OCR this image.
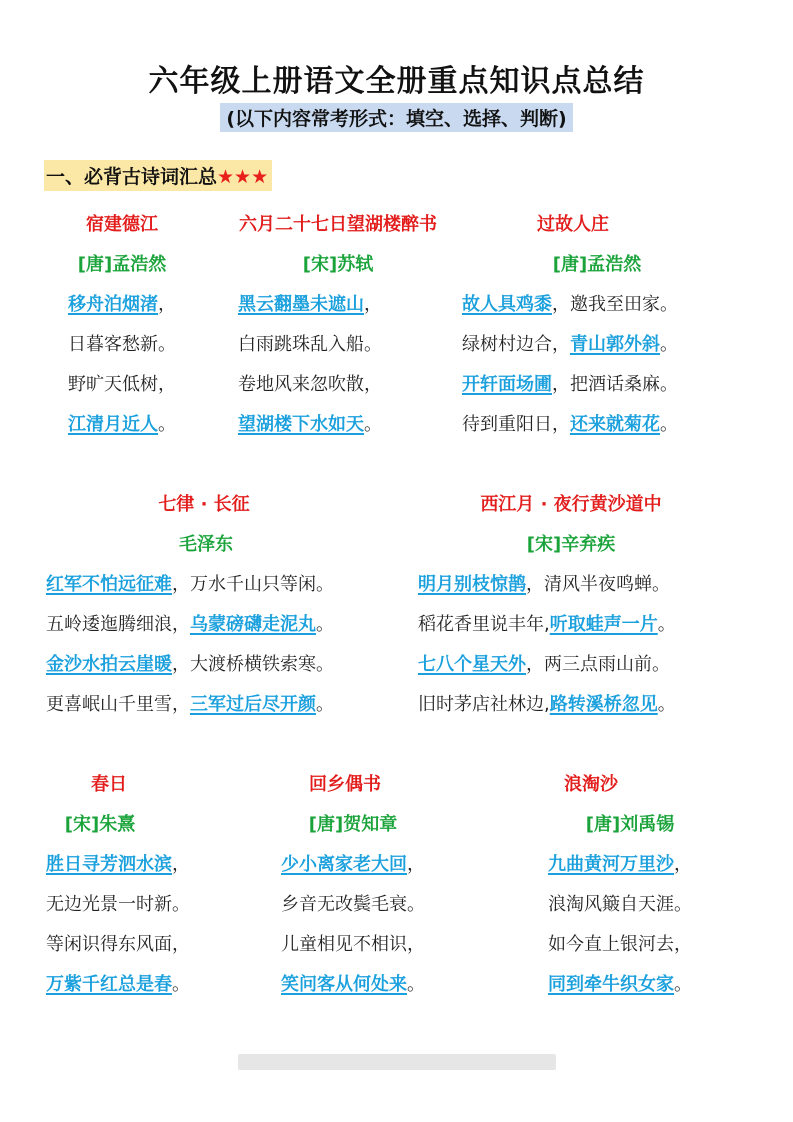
六年级上册语文全册重点知识点总结
(以下内容常考形式：填空、选择、判断)
一、必背古诗词汇总★★★
宿建德江
[唐]孟浩然
移舟泊烟渚，
日暮客愁新。
野旷天低树，
江清月近人。
六月二十七日望湖楼醉书
[宋]苏轼
黑云翻墨未遮山，
白雨跳珠乱入船。
卷地风来忽吹散，
望湖楼下水如天。
过故人庄
[唐]孟浩然
故人具鸡黍，邀我至田家。
绿树村边合，青山郭外斜。
开轩面场圃，把酒话桑麻。
待到重阳日，还来就菊花。
七律 · 长征
毛泽东
红军不怕远征难，万水千山只等闲。
五岭逶迤腾细浪，乌蒙磅礴走泥丸。
金沙水拍云崖暖，大渡桥横铁索寒。
更喜岷山千里雪，三军过后尽开颜。
西江月 · 夜行黄沙道中
[宋]辛弃疾
明月别枝惊鹊，清风半夜鸣蝉。
稻花香里说丰年,听取蛙声一片。
七八个星天外，两三点雨山前。
旧时茅店社林边,路转溪桥忽见。
春日
[宋]朱熹
胜日寻芳泗水滨，
无边光景一时新。
等闲识得东风面，
万紫千红总是春。
回乡偶书
[唐]贺知章
少小离家老大回，
乡音无改鬓毛衰。
儿童相见不相识，
笑问客从何处来。
浪淘沙
[唐]刘禹锡
九曲黄河万里沙，
浪淘风簸自天涯。
如今直上银河去，
同到牵牛织女家。
